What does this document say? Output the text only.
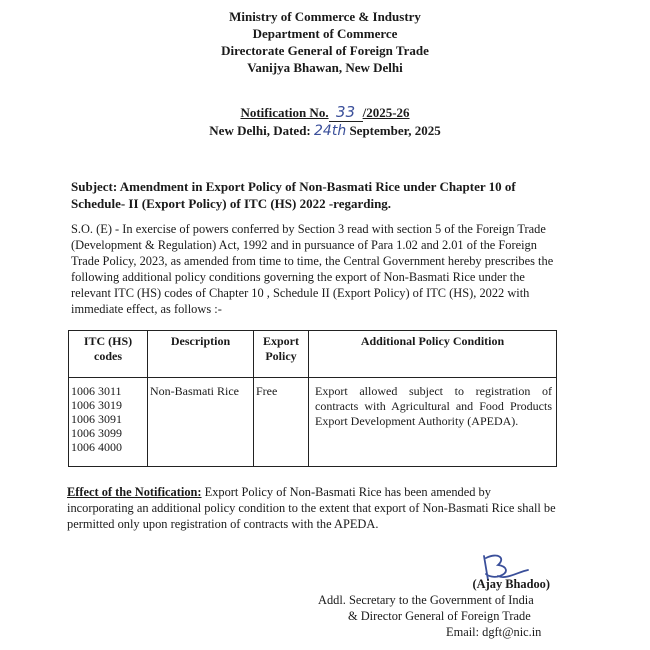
Ministry of Commerce & Industry
Department of Commerce
Directorate General of Foreign Trade
Vanijya Bhawan, New Delhi
Notification No. 33 /2025-26
New Delhi, Dated: 24th September, 2025
Subject: Amendment in Export Policy of Non-Basmati Rice under Chapter 10 of Schedule- II (Export Policy) of ITC (HS) 2022 -regarding.
S.O. (E) - In exercise of powers conferred by Section 3 read with section 5 of the Foreign Trade (Development & Regulation) Act, 1992 and in pursuance of Para 1.02 and 2.01 of the Foreign Trade Policy, 2023, as amended from time to time, the Central Government hereby prescribes the following additional policy conditions governing the export of Non-Basmati Rice under the relevant ITC (HS) codes of Chapter 10 , Schedule II (Export Policy) of ITC (HS), 2022 with immediate effect, as follows :-
ITC (HS) codes	Description	Export Policy	Additional Policy Condition

1006 3011
1006 3019
1006 3091
1006 3099
1006 4000	Non-Basmati Rice	Free	Export allowed subject to registration of contracts with Agricultural and Food Products Export Development Authority (APEDA).
Effect of the Notification: Export Policy of Non-Basmati Rice has been amended by incorporating an additional policy condition to the extent that export of Non-Basmati Rice shall be permitted only upon registration of contracts with the APEDA.
(Ajay Bhadoo)
Addl. Secretary to the Government of India
& Director General of Foreign Trade
Email: dgft@nic.in
